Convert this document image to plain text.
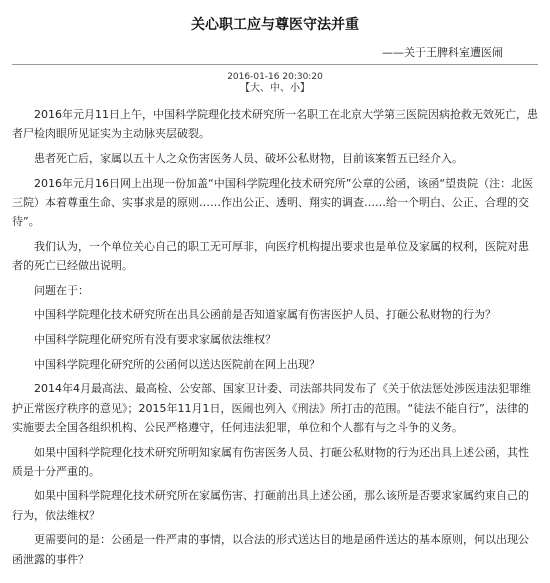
关心职工应与尊医守法并重
——关于王脾科室遭医闹
2016-01-16 20:30:20
【大、中、小】

2016年元月11日上午，中国科学院理化技术研究所一名职工在北京大学第三医院因病抢救无效死亡，患者尸检肉眼所见证实为主动脉夹层破裂。

患者死亡后，家属以五十人之众伤害医务人员、破坏公私财物，目前该案暂五已经介入。

2016年元月16日网上出现一份加盖“中国科学院理化技术研究所”公章的公函，该函“望贵院（注：北医三院）本着尊重生命、实事求是的原则……作出公正、透明、翔实的调查……给一个明白、公正、合理的交待”。

我们认为，一个单位关心自己的职工无可厚非，向医疗机构提出要求也是单位及家属的权利，医院对患者的死亡已经做出说明。

问题在于：

中国科学院理化技术研究所在出具公函前是否知道家属有伤害医护人员、打砸公私财物的行为？

中国科学院理化研究所有没有要求家属依法维权？

中国科学院理化研究所的公函何以送达医院前在网上出现？

2014年4月最高法、最高检、公安部、国家卫计委、司法部共同发布了《关于依法惩处涉医违法犯罪维护正常医疗秩序的意见》；2015年11月1日，医闹也列入《刑法》所打击的范围。“徒法不能自行”，法律的实施要去全国各组织机构、公民严格遵守，任何违法犯罪，单位和个人都有与之斗争的义务。

如果中国科学院理化技术研究所明知家属有伤害医务人员、打砸公私财物的行为还出具上述公函，其性质是十分严重的。

如果中国科学院理化技术研究所在家属伤害、打砸前出具上述公函，那么该所是否要求家属约束自己的行为，依法维权？

更需要问的是：公函是一件严肃的事情，以合法的形式送达目的地是函件送达的基本原则，何以出现公函泄露的事件？
